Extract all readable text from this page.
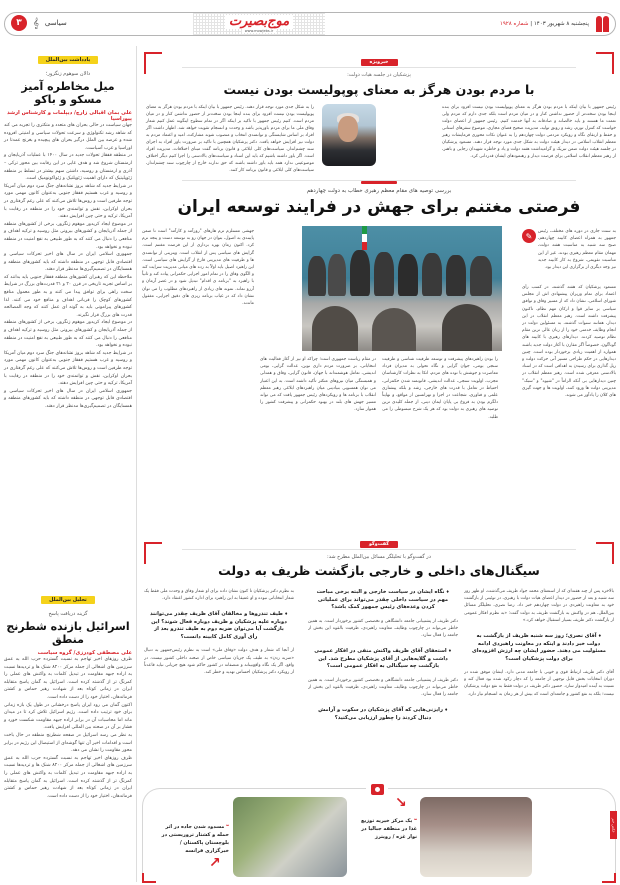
پنجشنبه ۸ شهریور ۱۴۰۳ | شماره ۱۹۲۸
موج‌بصیرت
www.mowjebs.ir
۳	𝄞 سیاسی
یادداشت بین‌الملل
دالان سوهوم زنگزور؛
میل مخاطره آمیز مسکو و باکو
علی بمان اقبالی زارچ/ دیپلمات و کارشناس ارشد پیوراسیا

جهان سیاست در حالی بحران های متعدد و متکثری را تجربه می کند که شاهد رشد تکنولوژی و سرعت تحولات سیاسی و امنیتی افزوده شده و عرصه بین الملل درگیر بحران های پیچیده و بغرنج عمدتا در اوراسیا و غرب آسیاست.

در منطقه قفقاز تحولات جدید در سال ۱۴۰۰ با عملیات آذربایجان و ارمنستان شروع شد و هدف غایی در این رقابت بین محور ترکی – آذری و ارمنستان و روسیه، داشتن سهم بیشتر در تسلط بر منطقه ژئوپلیتیک که دارای اهمیت ژئوپلتیک و ژئواکونومیک است.

در شرایط جدید که شاهد بروز نشانه‌های جنگ سرد دوم میان آمریکا و روسیه و غرب هستیم قفقاز جنوبی به‌عنوان کانون مهمی مورد توجه طرفین است و روس‌ها تلاش می‌کنند که علی رغم گرفتاری در بحران اوکراین، نقش و توانمندی خود را در منطقه در رقابت با آمریکا، ترکیه و حتی چین افزایش دهند.

در موضوع ایجاد کریدور موهوم زنگزور، برخی از کشورهای منطقه از جمله آذربایجان و کشورهای بیرونی مثل روسیه و ترکیه اهداف و منافعی را دنبال می کنند که به طور طبیعی به نفع امنیت در منطقه نبوده و نخواهد بود.

جمهوری اسلامی ایران در سال های اخیر تحرکات سیاسی و اقتصادی قابل توجهی در منطقه داشته که باید کشورهای منطقه و همسایگان در تصمیم‌گیری‌ها مدنظر قرار دهند.

ملاحظه این که رهبران کشورهای منطقه قفقاز جنوبی باید بدانند که بر اساس تجربه تاریخی در قرن ۲۰ و ۲۱ قدرت‌های بزرگ در شرایط سخت راهی برای توافق پیدا می کنند و به طور معمول منافع کشورهای کوچک را قربانی اهداف و منافع خود می کنند. لذا کشورهای پیرامونی باید به گونه ای عمل کنند که وجه المصالحه قدرت های بزرگ قرار نگیرند.

در موضوع ایجاد کریدور موهوم زنگزور، برخی از کشورهای منطقه از جمله آذربایجان و کشورهای بیرونی مثل روسیه و ترکیه اهداف و منافعی را دنبال می کنند که به طور طبیعی به نفع امنیت در منطقه نبوده و نخواهد بود.

در شرایط جدید که شاهد بروز نشانه‌های جنگ سرد دوم میان آمریکا و روسیه و غرب هستیم قفقاز جنوبی به‌عنوان کانون مهمی مورد توجه طرفین است و روس‌ها تلاش می‌کنند که علی رغم گرفتاری در بحران اوکراین، نقش و توانمندی خود را در منطقه در رقابت با آمریکا، ترکیه و حتی چین افزایش دهند.

جمهوری اسلامی ایران در سال های اخیر تحرکات سیاسی و اقتصادی قابل توجهی در منطقه داشته که باید کشورهای منطقه و همسایگان در تصمیم‌گیری‌ها مدنظر قرار دهند.

تحلیل بین‌الملل
گزینه دریافت پاسخ
اسرائیل بازنده شطرنج منطق
علی مصطفی کودرزی/ گروه سیاست

ظرف روزهای اخیر تهاجم به نسبت گسترده حزب الله به عمق سرزمین های اشغالی از جمله مرکز ۸۲۰۰ شنک ها و تردیدها نسبت به اراده جبهه مقاومت در تبدیل کلمات به واکنش های عملی را کمرنگ تر از گذشته کرده است. اسرائیل به گمان پاسخ متقابله ایران در زمانی کوتاه بعد از شهادت رهبر حماس و کشتن فرماندهان، اختیار خود را از دست داده است.

اکنون گمان می رود ایران پاسخ درخشانی در طول یک بازه زمانی برای خود ترتیب داده است. رژیم اسرائیل تلاش کرد تا در میدان ماند اما محاسبات آن در برابر اراده جبهه مقاومت شکست خورد و فشار بر آن در صحنه بین المللی افزایش یافت.

به نظر می رسد اسرائیل در صفحه شطرنج منطقه در حال باخت است و اقدامات اخیر آن تنها گوشه‌ای از استیصال این رژیم در برابر محور مقاومت را نشان می دهد.

ظرف روزهای اخیر تهاجم به نسبت گسترده حزب الله به عمق سرزمین های اشغالی از جمله مرکز ۸۲۰۰ شنک ها و تردیدها نسبت به اراده جبهه مقاومت در تبدیل کلمات به واکنش های عملی را کمرنگ تر از گذشته کرده است. اسرائیل به گمان پاسخ متقابله ایران در زمانی کوتاه بعد از شهادت رهبر حماس و کشتن فرماندهان، اختیار خود را از دست داده است.

خبرویژه
پزشکیان در جلسه هیات دولت:
با مردم بودن هرگز به معنای پوپولیست بودن نیست
رئیس جمهور با بیان اینکه با مردم بودن هرگز به معنای پوپولیست بودن نیست افزود برای بنده اینجا بودن سخت‌تر از حضور نداشتن کنار و در میان مردم است بلکه جدی دارم که مردم ولی نعمت ما هستند و باید خالصانه و صادقانه به آنها خدمت کنیم. رئیس جمهور از اعضای دولت خواست که کنترل تورم، رشد و رونق تولید، مدیریت صحیح فضای مجازی، موضوع سفرهای استانی و حفظ و ارتقای نگاه و رویکرد مردمی دولت چهاردهم را به عنوان نکات محوری فرمایشات رهبر معظم انقلاب اسلامی در دیدار هیئت دولت به شکل جدی مورد توجه قرار دهند. مسعود پزشکیان در جلسه هیئت دولت ضمن تبریک و گرامیداشت هفته دولت و یاد و خاطره شهیدان رجایی و باهنر، از رهبر معظم انقلاب اسلامی برای فرصت دیدار و رهنمودهای ایشان قدردانی کرد.
را به شکل جدی مورد توجه قرار دهند. رئیس جمهور با بیان اینکه با مردم بودن هرگز به معنای پوپولیست بودن نیست افزود برای بنده اینجا بودن سخت‌تر از حضور نداشتن کنار و در میان مردم است. کنیم رئیس جمهور با تاکید بر اینکه اگر در تمام سطوح اینگونه عمل کنیم شعار وفاق ملی ما برای مردم باورپذیر باشد و وحدت و انسجام تقویت خواهد شد. اظهار داشت اگر افراد بر اساس شایستگی و توانمندی انتخاب و منصوب شوند مشارکت، امید و اعتماد مردم به دولت نیز افزایش خواهد یافت. دکتر پزشکیان همچنین با تاکید بر ضرورت باور افراد به اجرای سند چشم‌انداز، سیاست‌های کلی ابلاغی و قانون برنامه گفت مبنای اختلافات، مدیریت افراد است. اگر باور داشته باشیم که باید این اسناد و سیاست‌های بالادستی را اجرا کنیم دیگر اختلاف موضوعیتی ندارد همه باید باور داشته باشند که حق ندارند خارج از چارچوب سند چشم‌انداز، سیاست‌های کلی ابلاغی و قانون برنامه کار کنند.
بررسی توصیه های مقام معظم رهبری خطاب به دولت چهاردهم
فرصتی مغتنم برای جهش در فرایند توسعه ایران
✎	به سنت جاری در دوره های مختلف، رئیس جمهور به همراه اعضای کابینه چهاردهم، صبح سه شنبه به مناسبت هفته دولت، مهمان مقام معظم رهبری بودند. غیر از این مناسبت تقویمی، شروع به کار کابینه جدید نیز وجه دیگری از برگزاری این دیدار بود.
مسعود پزشکیان که هفته گذشته، در کسب رأی اعتماد برای تمام وزیران پیشنهادی اش از مجلس شورای اسلامی، نشان داد که از مسیر وفاق و توافق سیاسی بر سایر قوا و ارکان مهم نظام، تاکنون پیشرفت داشته است. رهبر معظم انقلاب در این دیدار، همانند سنوات گذشته، به مسئولین دولت در انجام وظایف خدمتی خود را از زبان عالی ترین مقام نظام توصیه کردند. دیدارهای رهبری با کابینه های گوناگون، خصوصاً اگر مقارن با آغاز دولت جدید باشند همواره از اهمیت زیادی برخوردار بوده است. چنین دیدارهایی در حکم طراحی مسیر آتی حرکت دولت و ریل گذاری برای رسیدن به اهدافی است که در اسناد بالادستی معرفی شده است. رهبر معظم انقلاب در چنین دیدارهایی بی آنکه الزاماً در "شیوه" و "سبک" مدیریتی دولت ها ورود کنند، اولویت ها و جهت گیری های کلان را یادآور می شوند.
را بودن راهبردهای پیشرفت و توسعه ظرفیت شناسی و ظرفیت سنجی بومی، جوان گرایی و نگاه تحولی به مدیران فرداد معاصرت و جوشش با توده های مردم، اتکا به نظرات کارشناسان مجرب، اولویت سنجی، عدالت اندیشی، قانونمند شدن حکمرانی، احتیاط در تعامل با قدرت های خارجی، رشد و بلکه پیشتازی علمی و فناوری، شجاعت در اجرا و تهرانسین از مواقع، و نهایتاً دلگرم بودن به فروغ بی پایان ایمان دینی، از جمله کلیدی ترین توصیه های رهبری به دولت بود که هر یک شرح مبسوطی را می طلبد.
در مقام ریاست جمهوری است؛ چراکه او نیز از آغاز فعالیت های انتخاباتی، بر ضرورت مردم داری نوین، عدالت گرایی، بومی اندیشی، تعامل هوشمندانه با جهان، قانون گرایی، وفاق و همدلی و همبستگی میان نیروهای متکثر تأکید داشته است. به این اعتبار می توان همسویی بنیادینی میان راهبردهای ابلاغی رهبر معظم انقلاب با برنامه ها و رویکردهای رئیس جمهور یافت که می تواند مسیر جهش های بلند در بهبود حکمرانی و پیشرفت کشور را هموار سازد.
جهشی مستلزم ترم هارهای "روزآمد و کارآمد" است تا ضمن پایبندی به اصول، بتوان در جهان رو به توسعه دست و پنجه نرم کرد. اکنون زمان بهره برداری از این فرصت مغتنم است. گرایش های سیاسی پس از انقلاب است. ویترینی از توانمندی ها و ظرفیت های مدیریتی فارغ از گرایش های سیاسی است. این راهبرد اصیل باید اولاً به رده های میانی مدیریت سرایت کند و الگوی وفاق را در تمام امور اجرایی حکمرانی پیاده کند و ثانیاً با راهبرد به "برنامه ی اقدام" تبدیل شود و در عصر آرمان و آرزو نماند. نمونه های زیادی از راهبردهای مطلوب را می توان نشان داد که در غیاب برنامه ریزی های دقیق اجرایی، مغفول ماندند.
گفت‌وگو
در گفت‌وگو با تحلیلگر مسائل بین‌الملل مطرح شد:
سیگنال‌های داخلی و خارجی بازگشت ظریف به دولت

بالاخره پس از چند هفته‌ای که از استعفای محمد جواد ظریف می‌گذشت، او ظهر روز سه شنبه و بعد از حضور در دیدار اعضای هیات دولت با رهبری، در توئیتی از بازگشت خود به معاونت راهبردی در دولت چهاردهم خبر داد. رضا نصری، تحلیلگر مسائل بین‌الملل، هم در واکنش به بازگشت ظریف به دولت گفت: «به نظرم افکار عمومی از بازگشت دکتر ظریف بسیار استقبال خواهد کرد.»

♦ آقای نصری؛ روز سه شنبه ظریف از بازگشت به دولت خبر دادند و اینکه در معاونت راهبردی ادامه مسئولیت می دهند. حضور ایشان چه ارزش افزوده‌ای برای دولت پزشکیان است؟

آقای دکتر ظریف ارتباط قوی و خوبی با جامعه مدنی دارد. ایشان موفق شده در دوران انتخابات بخش قابل توجهی از جامعه را که دچار رکود شده بود فعال کند و نسبت به آینده امیدوار سازد. حضور دکتر ظریف در دولت فقط به نفع دولت پزشکیان نیست؛ بلکه به نفع کشور و جامعه‌ای است که بیش از هر زمان به انسجام نیاز دارد.

♦ نگاه ایشان در سیاست خارجی و البته برخی مباحث مهم در سیاست داخلی چقدر می‌تواند برای عملیاتی کردن وعده‌های رئیس جمهور کمک باشد؟

دکتر ظریف از پشتیبانی جامعه دانشگاهی و تخصصی کشور برخوردار است. به همین خاطر می‌تواند در چارچوب وظایف معاونت راهبردی، ظرفیت بالقوه این بخش از جامعه را فعال سازد.

♦ استعفای آقای ظریف واکنش منفی در افکار عمومی داشت و گلایه‌هایی از آقای پزشکیان مطرح شد. این بازگشت چه سیگنالی به افکار عمومی است؟

دکتر ظریف از پشتیبانی جامعه دانشگاهی و تخصصی کشور برخوردار است. به همین خاطر می‌تواند در چارچوب وظایف معاونت راهبردی، ظرفیت بالقوه این بخش از جامعه را فعال سازد.

♦ رایزنی‌هایی که آقای پزشکیان در سکوت و آرامش دنبال کردند را چطور ارزیابی می‌کنید؟

به نظرم دکتر پزشکیان تا کنون نشان داده برای او شعار وفاق و وحدت ملی فقط یک شعار انتخاباتی نبوده و او عمیقا به این راهبرد برای اداره کشور اعتقاد دارد.

♦ طیف تندروها و مخالفان آقای ظریف چقدر می‌توانند دوباره علیه پزشکیان و ظریف دوباره فعال شوند؟ این بازگشت آیا می‌توان ضربه دوم به طیف تندرو بعد از رأی آوری کامل کابینه دانست؟

از آنجا که شعار و هدف دولت «وفاق ملی» است به نظرم رئیس‌جمهور به دنبال «ضربه زدن» به طیف یک جریان سیاسی خاص از صحنه داخلی کشور نیست. در واقع، اگر یک نگاه واقع‌بینانه و منصفانه در کشور حاکم شود هیچ جریانی نباید قاعدتاً از رویکرد دکتر پزشکیان احساس تهدید و خطر کند.

عکس خبر
↘
❝ یک مرکز خیریه توزیع غذا در منطقه جبالیا در نوار غزه / رویترز
❝ مسدود شدن جاده در اثر حمله و کشتار تروریستی در بلوچستان پاکستان / خبرگزاری فرانسه
↗
